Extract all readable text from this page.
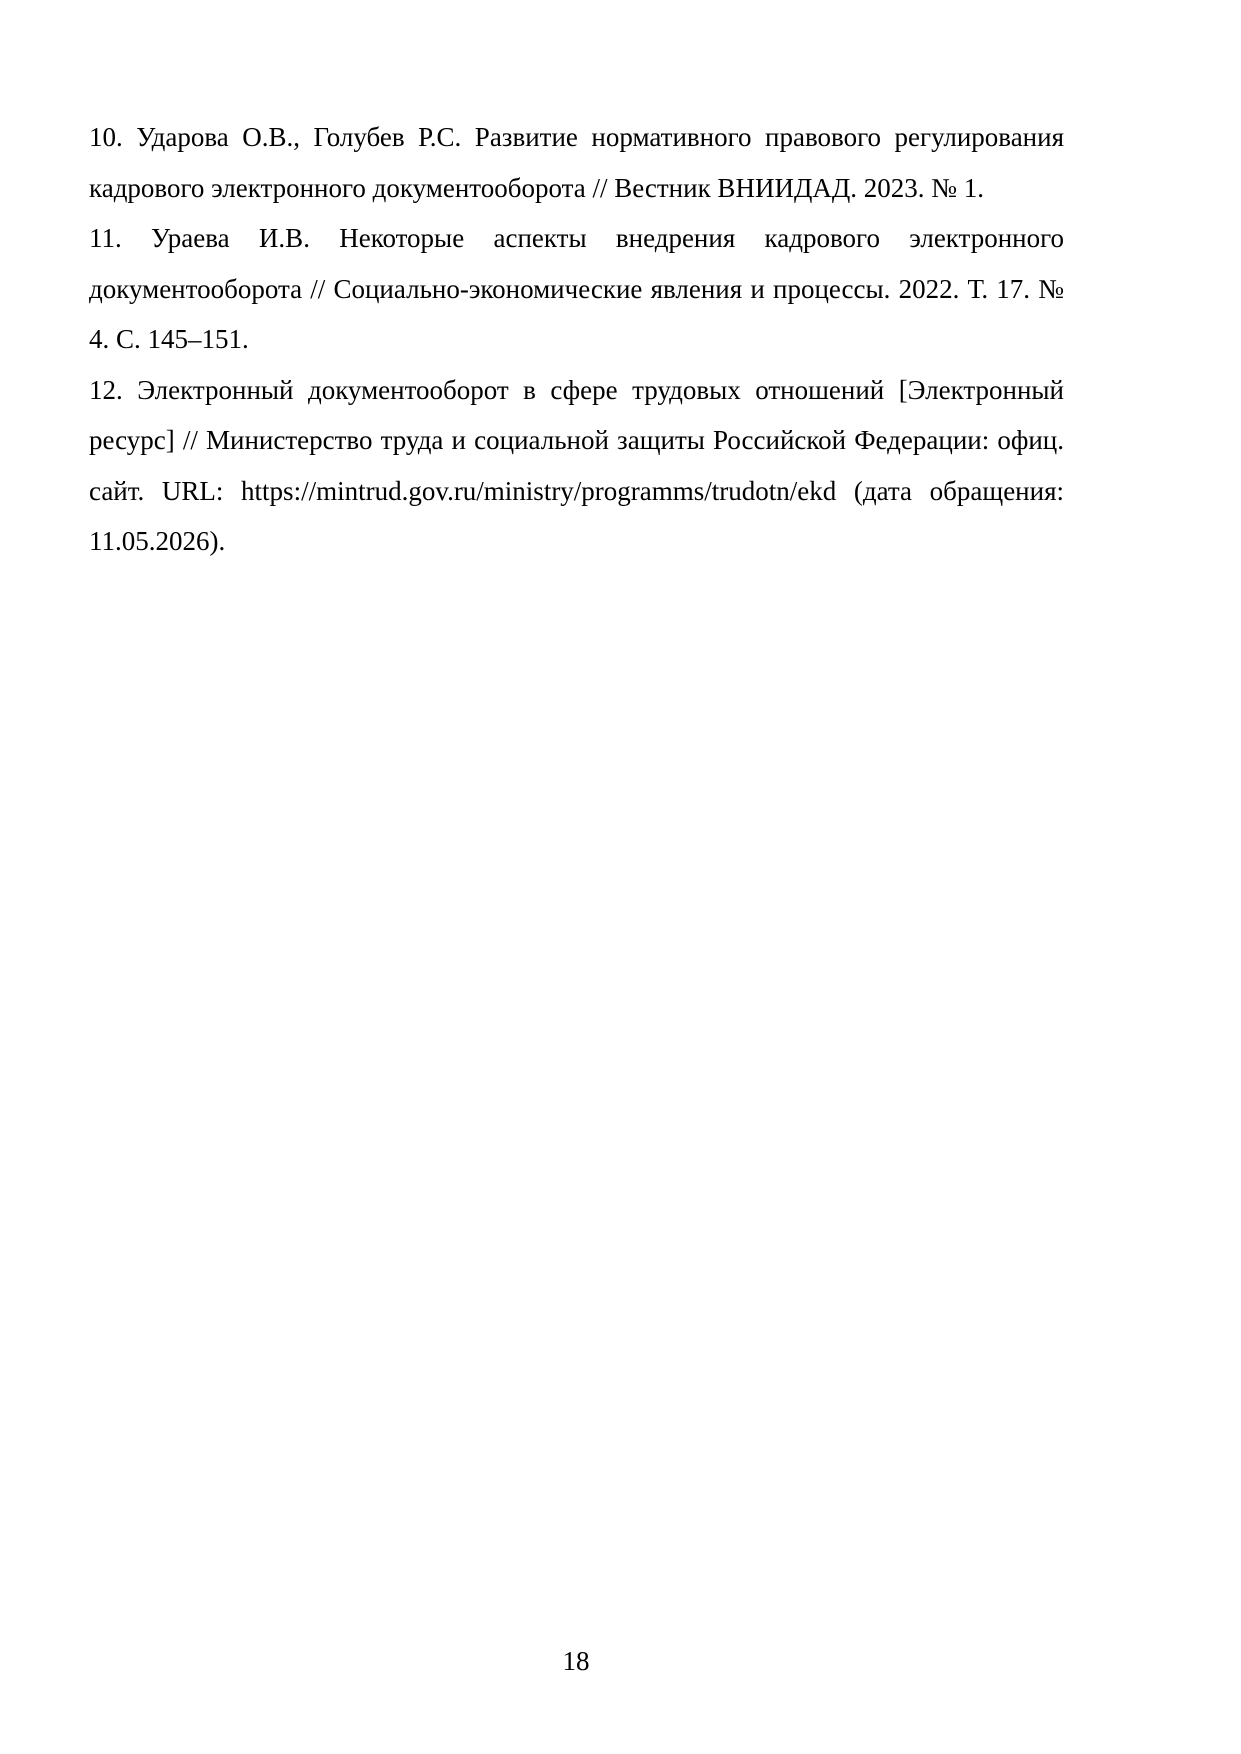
10. Ударова О.В., Голубев Р.С. Развитие нормативного правового регулирования кадрового электронного документооборота // Вестник ВНИИДАД. 2023. № 1.

11. Ураева И.В. Некоторые аспекты внедрения кадрового электронного документооборота // Социально-экономические явления и процессы. 2022. Т. 17. № 4. С. 145–151.

12. Электронный документооборот в сфере трудовых отношений [Электронный ресурс] // Министерство труда и социальной защиты Российской Федерации: офиц. сайт. URL: https://mintrud.gov.ru/ministry/programms/trudotn/ekd (дата обращения: 11.05.2026).

18
